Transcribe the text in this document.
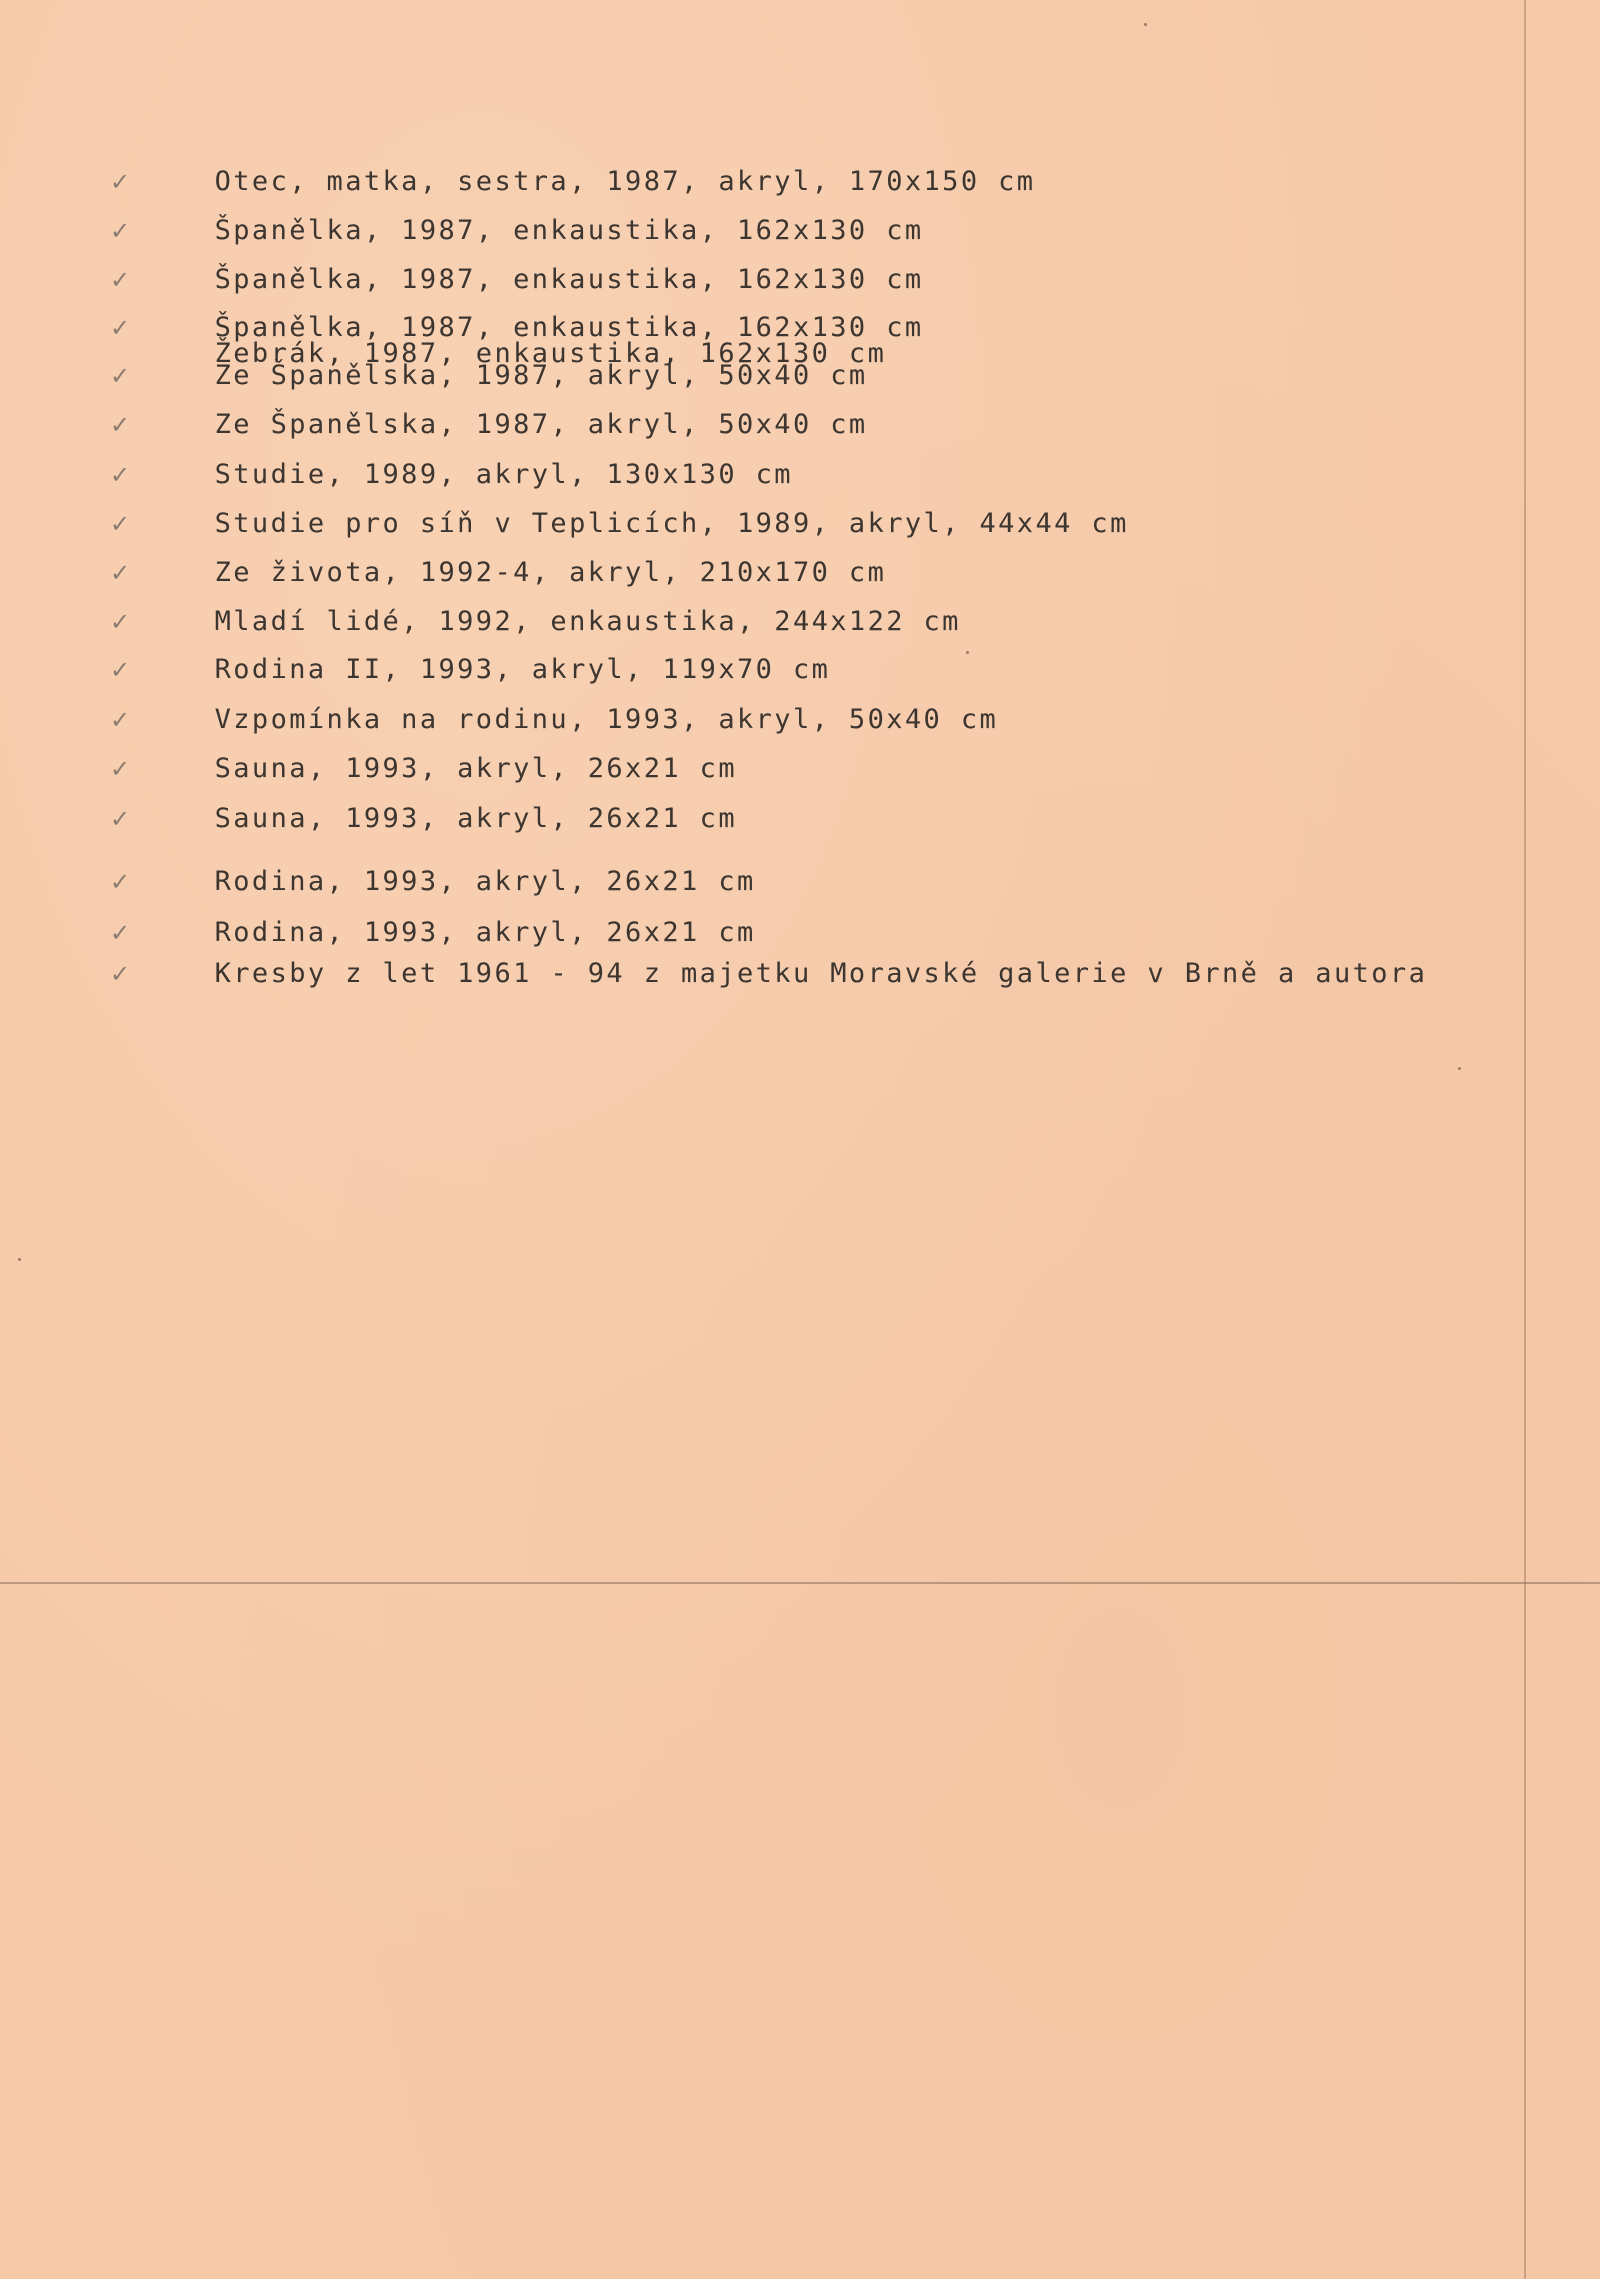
✓	Otec, matka, sestra, 1987, akryl, 170x150 cm

✓	Španělka, 1987, enkaustika, 162x130 cm

✓	Španělka, 1987, enkaustika, 162x130 cm

✓	Španělka, 1987, enkaustika, 162x130 cm

Žebrák, 1987, enkaustika, 162x130 cm

✓	Ze Španělska, 1987, akryl, 50x40 cm

✓	Ze Španělska, 1987, akryl, 50x40 cm

✓	Studie, 1989, akryl, 130x130 cm

✓	Studie pro síň v Teplicích, 1989, akryl, 44x44 cm

✓	Ze života, 1992-4, akryl, 210x170 cm

✓	Mladí lidé, 1992, enkaustika, 244x122 cm

✓	Rodina II, 1993, akryl, 119x70 cm

✓	Vzpomínka na rodinu, 1993, akryl, 50x40 cm

✓	Sauna, 1993, akryl, 26x21 cm

✓	Sauna, 1993, akryl, 26x21 cm

✓	Rodina, 1993, akryl, 26x21 cm

✓	Rodina, 1993, akryl, 26x21 cm

✓	Kresby z let 1961 - 94 z majetku Moravské galerie v Brně a autora
